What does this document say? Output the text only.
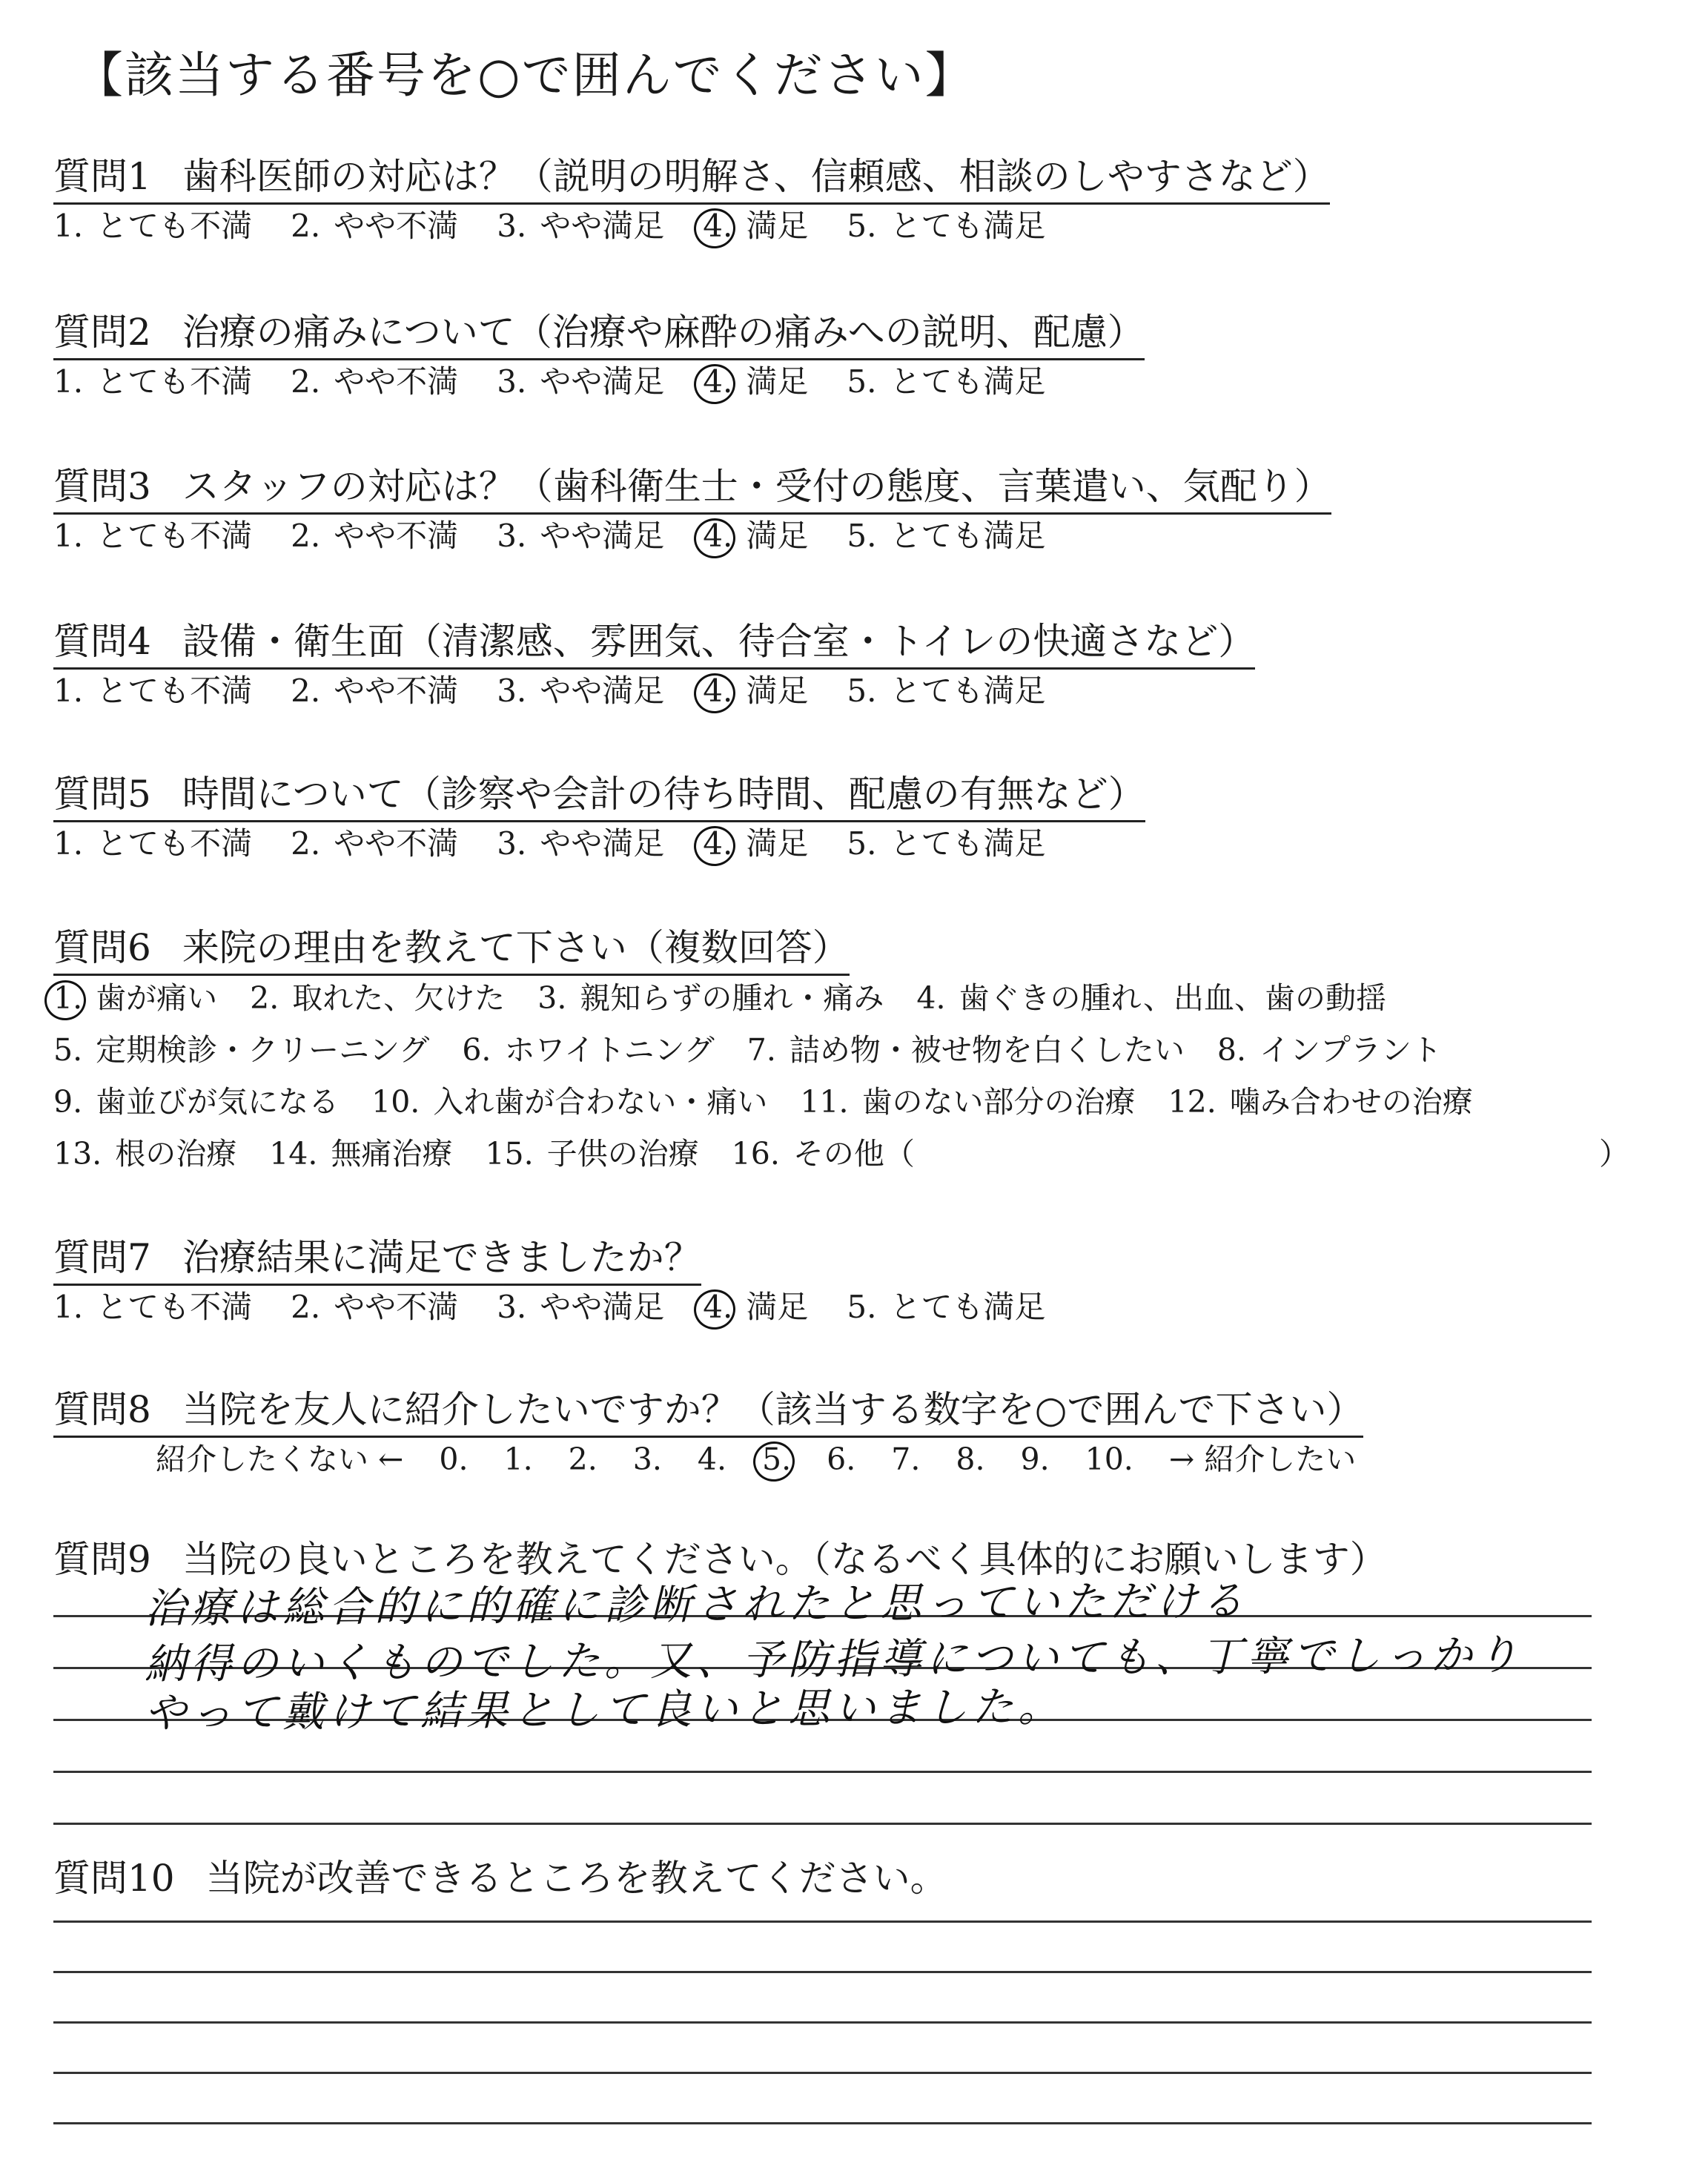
【該当する番号を○で囲んでください】
質問1 歯科医師の対応は？（説明の明解さ、信頼感、相談のしやすさなど）
1. とても不満 2. やや不満 3. やや満足 4. 満足 5. とても満足
質問2 治療の痛みについて（治療や麻酔の痛みへの説明、配慮）
1. とても不満 2. やや不満 3. やや満足 4. 満足 5. とても満足
質問3 スタッフの対応は？（歯科衛生士・受付の態度、言葉遣い、気配り）
1. とても不満 2. やや不満 3. やや満足 4. 満足 5. とても満足
質問4 設備・衛生面（清潔感、雰囲気、待合室・トイレの快適さなど）
1. とても不満 2. やや不満 3. やや満足 4. 満足 5. とても満足
質問5 時間について（診察や会計の待ち時間、配慮の有無など）
1. とても不満 2. やや不満 3. やや満足 4. 満足 5. とても満足
質問6 来院の理由を教えて下さい（複数回答）
1. 歯が痛い 2. 取れた、欠けた 3. 親知らずの腫れ・痛み 4. 歯ぐきの腫れ、出血、歯の動揺
5. 定期検診・クリーニング 6. ホワイトニング 7. 詰め物・被せ物を白くしたい 8. インプラント
9. 歯並びが気になる 10. 入れ歯が合わない・痛い 11. 歯のない部分の治療 12. 噛み合わせの治療
13. 根の治療 14. 無痛治療 15. 子供の治療 16. その他（	）
質問7 治療結果に満足できましたか？
1. とても不満 2. やや不満 3. やや満足 4. 満足 5. とても満足
質問8 当院を友人に紹介したいですか？（該当する数字を○で囲んで下さい）
紹介したくない ← 0. 1. 2. 3. 4. 5. 6. 7. 8. 9. 10. → 紹介したい
質問9 当院の良いところを教えてください。（なるべく具体的にお願いします）
治療は総合的に的確に診断されたと思っていただける
納得のいくものでした。又、予防指導についても、丁寧でしっかり
やって戴けて結果として良いと思いました。
質問10 当院が改善できるところを教えてください。
